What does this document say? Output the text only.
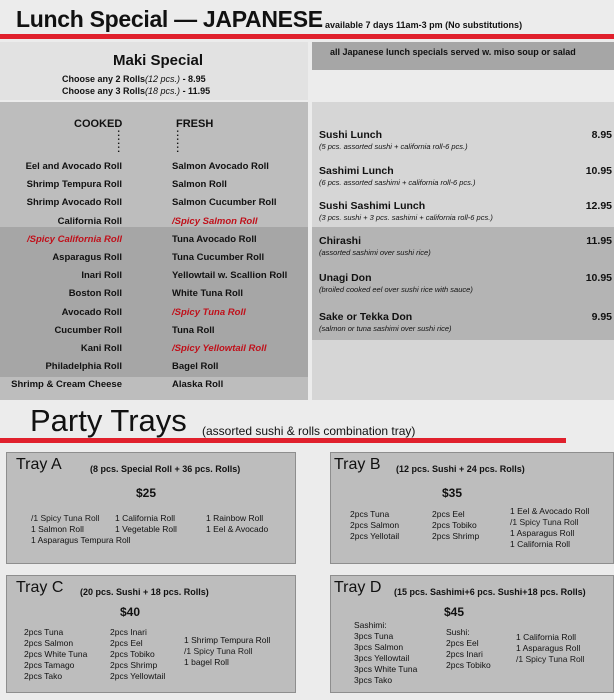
Lunch Special — JAPANESE available 7 days 11am-3 pm (No substitutions)
Maki Special
Choose any 2 Rolls(12 pcs.) - 8.95
Choose any 3 Rolls(18 pcs.) - 11.95
all Japanese lunch specials served w. miso soup or salad
COOKED	FRESH
:
:
:
:
:
:
Eel and Avocado Roll
Shrimp Tempura Roll
Shrimp Avocado Roll
California Roll
/Spicy California Roll
Asparagus Roll
Inari Roll
Boston Roll
Avocado Roll
Cucumber Roll
Kani Roll
Philadelphia Roll
Shrimp & Cream Cheese
Salmon Avocado Roll
Salmon Roll
Salmon Cucumber Roll
/Spicy Salmon Roll
Tuna Avocado Roll
Tuna Cucumber Roll
Yellowtail w. Scallion Roll
White Tuna Roll
/Spicy Tuna Roll
Tuna Roll
/Spicy Yellowtail Roll
Bagel Roll
Alaska Roll
Sushi Lunch
(5 pcs. assorted sushi + california roll-6 pcs.)
8.95
Sashimi Lunch
(6 pcs. assorted sashimi + california roll-6 pcs.)
10.95
Sushi Sashimi Lunch
(3 pcs. sushi + 3 pcs. sashimi + california roll-6 pcs.)
12.95
Chirashi
(assorted sashimi over sushi rice)
11.95
Unagi Don
(broiled cooked eel over sushi rice with sauce)
10.95
Sake or Tekka Don
(salmon or tuna sashimi over sushi rice)
9.95
Party Trays (assorted sushi & rolls combination tray)
Tray A	(8 pcs. Special Roll + 36 pcs. Rolls)
$25
/1 Spicy Tuna Roll
1 Salmon Roll
1 Asparagus Tempura Roll
1 California Roll
1 Vegetable Roll
1 Rainbow Roll
1 Eel & Avocado
Tray B (12 pcs. Sushi + 24 pcs. Rolls)
$35
2pcs Tuna
2pcs Salmon
2pcs Yellotail
2pcs Eel
2pcs Tobiko
2pcs Shrimp
1 Eel & Avocado Roll
/1 Spicy Tuna Roll
1 Asparagus Roll
1 California Roll
Tray C (20 pcs. Sushi + 18 pcs. Rolls)
$40
2pcs Tuna
2pcs Salmon
2pcs White Tuna
2pcs Tamago
2pcs Tako
2pcs Inari
2pcs Eel
2pcs Tobiko
2pcs Shrimp
2pcs Yellowtail
1 Shrimp Tempura Roll
/1 Spicy Tuna Roll
1 bagel Roll
Tray D (15 pcs. Sashimi+6 pcs. Sushi+18 pcs. Rolls)
$45
Sashimi:
3pcs Tuna
3pcs Salmon
3pcs Yellowtail
3pcs White Tuna
3pcs Tako
Sushi:
2pcs Eel
2pcs Inari
2pcs Tobiko
1 California Roll
1 Asparagus Roll
/1 Spicy Tuna Roll
